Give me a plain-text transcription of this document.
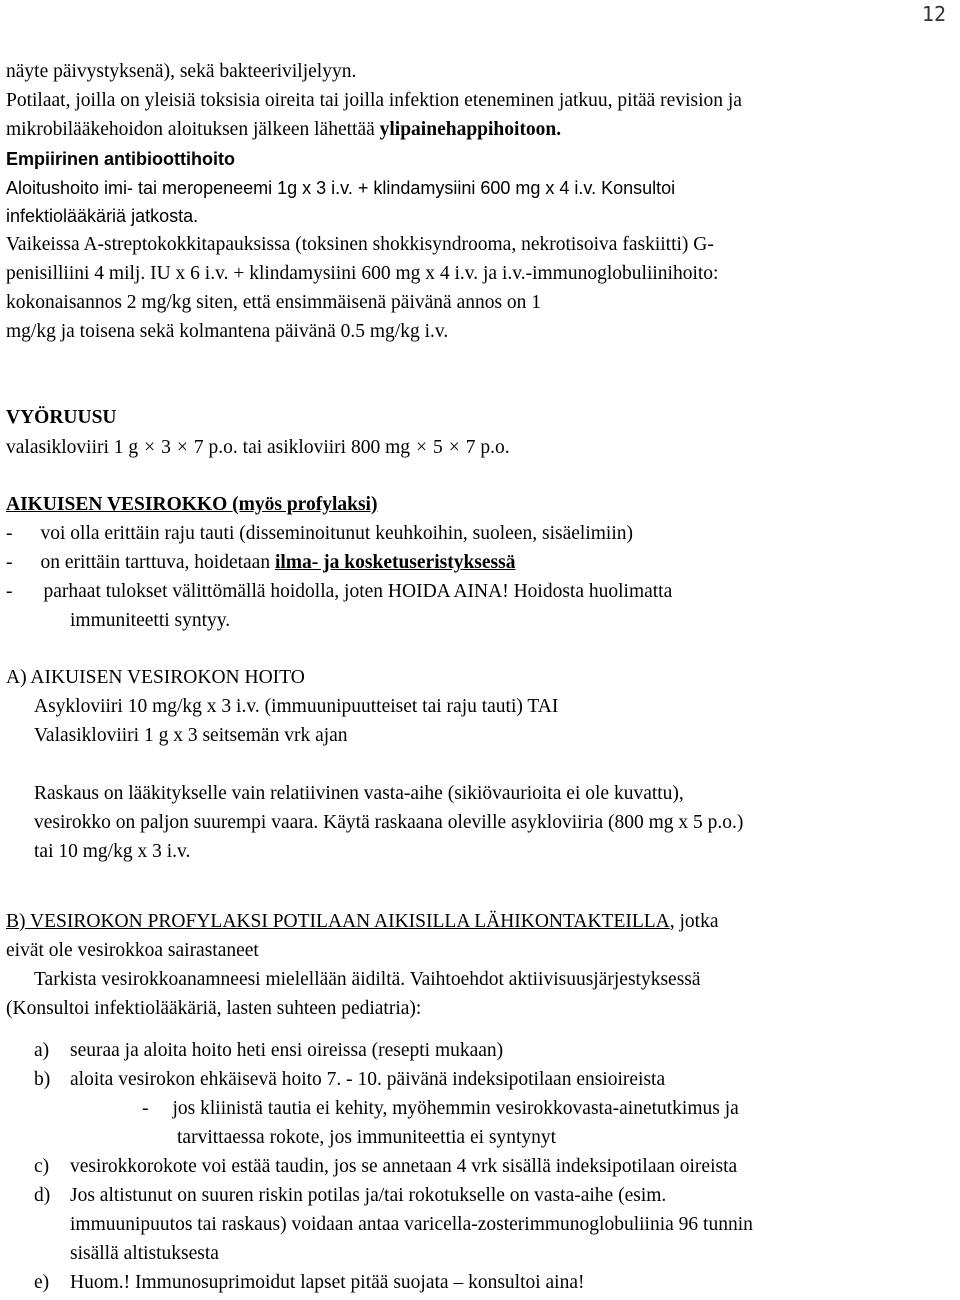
12
näyte päivystyksenä), sekä bakteeriviljelyyn.
Potilaat, joilla on yleisiä toksisia oireita tai joilla infektion eteneminen jatkuu, pitää revision ja
mikrobilääkehoidon aloituksen jälkeen lähettää ylipainehappihoitoon.
Empiirinen antibioottihoito
Aloitushoito imi- tai meropeneemi 1g x 3 i.v. + klindamysiini 600 mg x 4 i.v. Konsultoi
infektiolääkäriä jatkosta.
Vaikeissa A-streptokokkitapauksissa (toksinen shokkisyndrooma, nekrotisoiva faskiitti) G-
penisilliini 4 milj. IU x 6 i.v. + klindamysiini 600 mg x 4 i.v. ja i.v.-immunoglobuliinihoito:
kokonaisannos 2 mg/kg siten, että ensimmäisenä päivänä annos on 1
mg/kg ja toisena sekä kolmantena päivänä 0.5 mg/kg i.v.
VYÖRUUSU
valasikloviiri 1 g × 3 × 7 p.o. tai asikloviiri 800 mg × 5 × 7 p.o.
AIKUISEN VESIROKKO (myös profylaksi)
- voi olla erittäin raju tauti (disseminoitunut keuhkoihin, suoleen, sisäelimiin)
- on erittäin tarttuva, hoidetaan ilma- ja kosketuseristyksessä
- parhaat tulokset välittömällä hoidolla, joten HOIDA AINA! Hoidosta huolimatta
immuniteetti syntyy.
A) AIKUISEN VESIROKON HOITO
Asykloviiri 10 mg/kg x 3 i.v. (immuunipuutteiset tai raju tauti) TAI
Valasikloviiri 1 g x 3 seitsemän vrk ajan
Raskaus on lääkitykselle vain relatiivinen vasta-aihe (sikiövaurioita ei ole kuvattu),
vesirokko on paljon suurempi vaara. Käytä raskaana oleville asykloviiria (800 mg x 5 p.o.)
tai 10 mg/kg x 3 i.v.
B) VESIROKON PROFYLAKSI POTILAAN AIKISILLA LÄHIKONTAKTEILLA, jotka
eivät ole vesirokkoa sairastaneet
Tarkista vesirokkoanamneesi mielellään äidiltä. Vaihtoehdot aktiivisuusjärjestyksessä
(Konsultoi infektiolääkäriä, lasten suhteen pediatria):
a) seuraa ja aloita hoito heti ensi oireissa (resepti mukaan)
b) aloita vesirokon ehkäisevä hoito 7. - 10. päivänä indeksipotilaan ensioireista
- jos kliinistä tautia ei kehity, myöhemmin vesirokkovasta-ainetutkimus ja
tarvittaessa rokote, jos immuniteettia ei syntynyt
c) vesirokkorokote voi estää taudin, jos se annetaan 4 vrk sisällä indeksipotilaan oireista
d) Jos altistunut on suuren riskin potilas ja/tai rokotukselle on vasta-aihe (esim.
immuunipuutos tai raskaus) voidaan antaa varicella-zosterimmunoglobuliinia 96 tunnin
sisällä altistuksesta
e) Huom.! Immunosuprimoidut lapset pitää suojata – konsultoi aina!
